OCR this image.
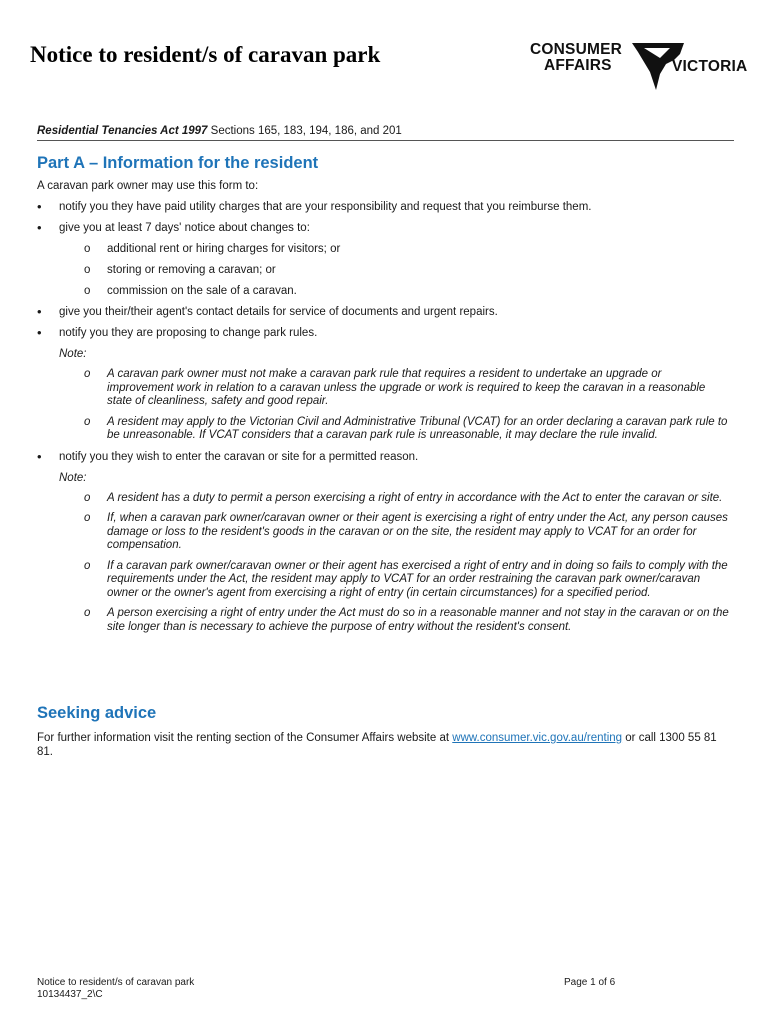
Notice to resident/s of caravan park	CONSUMER
AFFAIRS	VICTORIA
Residential Tenancies Act 1997 Sections 165, 183, 194, 186, and 201
Part A – Information for the resident
A caravan park owner may use this form to:
• notify you they have paid utility charges that are your responsibility and request that you reimburse them.
• give you at least 7 days' notice about changes to:
o additional rent or hiring charges for visitors; or
o storing or removing a caravan; or
o commission on the sale of a caravan.
• give you their/their agent's contact details for service of documents and urgent repairs.
• notify you they are proposing to change park rules.
Note:
o A caravan park owner must not make a caravan park rule that requires a resident to undertake an upgrade or improvement work in relation to a caravan unless the upgrade or work is required to keep the caravan in a reasonable state of cleanliness, safety and good repair.
o A resident may apply to the Victorian Civil and Administrative Tribunal (VCAT) for an order declaring a caravan park rule to be unreasonable. If VCAT considers that a caravan park rule is unreasonable, it may declare the rule invalid.
• notify you they wish to enter the caravan or site for a permitted reason.
Note:
o A resident has a duty to permit a person exercising a right of entry in accordance with the Act to enter the caravan or site.
o If, when a caravan park owner/caravan owner or their agent is exercising a right of entry under the Act, any person causes damage or loss to the resident's goods in the caravan or on the site, the resident may apply to VCAT for an order for compensation.
o If a caravan park owner/caravan owner or their agent has exercised a right of entry and in doing so fails to comply with the requirements under the Act, the resident may apply to VCAT for an order restraining the caravan park owner/caravan owner or the owner's agent from exercising a right of entry (in certain circumstances) for a specified period.
o A person exercising a right of entry under the Act must do so in a reasonable manner and not stay in the caravan or on the site longer than is necessary to achieve the purpose of entry without the resident's consent.
Seeking advice
For further information visit the renting section of the Consumer Affairs website at www.consumer.vic.gov.au/renting or call 1300 55 81 81.
Notice to resident/s of caravan park
10134437_2\C
Page 1 of 6
